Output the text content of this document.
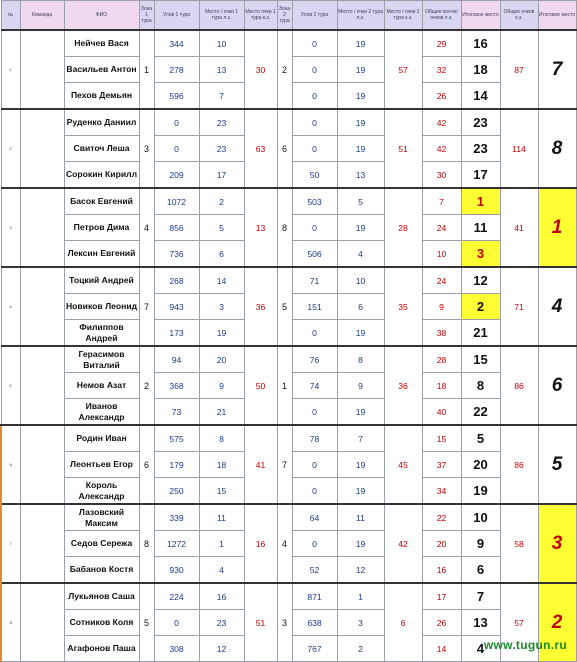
№	Команда	ФИО	Зона 1 тура	Улов 1 тура	Место / очки 1 тура л.з.	Место очки 1 тура к.з.	Зона 2 тура	Улов 2 тура	Место / очки 2 тура л.з.	Место / очки 2 тура к.з.	Общее кол-во очков л.з.	Итоговое место	Общее очков к.з.	Итоговое место
1		Нейчев Вася	1	344	10	30	2	0	19	57	29	16	87	7
		Васильев Антон		278	13			0	19		32	18		
		Пехов Демьян		596	7			0	19		26	14		
2		Руденко Даниил	3	0	23	63	6	0	19	51	42	23	114	8
		Свиточ Леша		0	23			0	19		42	23		
		Сорокин Кирилл		209	17			50	13		30	17		
3		Басок Евгений	4	1072	2	13	8	503	5	28	7	1	41	1
		Петров Дима		856	5			0	19		24	11		
		Лексин Евгений		736	6			506	4		10	3		
4		Тоцкий Андрей	7	268	14	36	5	71	10	35	24	12	71	4
		Новиков Леонид		943	3			151	6		9	2		
		Филиппов Андрей		173	19			0	19		38	21		
5		Герасимов Виталий	2	94	20	50	1	76	8	36	28	15	86	6
		Немов Азат		368	9			74	9		18	8		
		Иванов Александр		73	21			0	19		40	22		
6		Родин Иван	6	575	8	41	7	78	7	45	15	5	86	5
		Леонтьев Егор		179	18			0	19		37	20		
		Король Александр		250	15			0	19		34	19		
7		Лазовский Максим	8	339	11	16	4	64	11	42	22	10	58	3
		Седов Сережа		1272	1			0	19		20	9		
		Бабанов Костя		930	4			52	12		16	6		
8		Лукьянов Саша	5	224	16	51	3	871	1	6	17	7	57	2
		Сотников Коля		0	23			638	3		26	13		
		Агафонов Паша		308	12			767	2		14	4		www.tugun.ru
